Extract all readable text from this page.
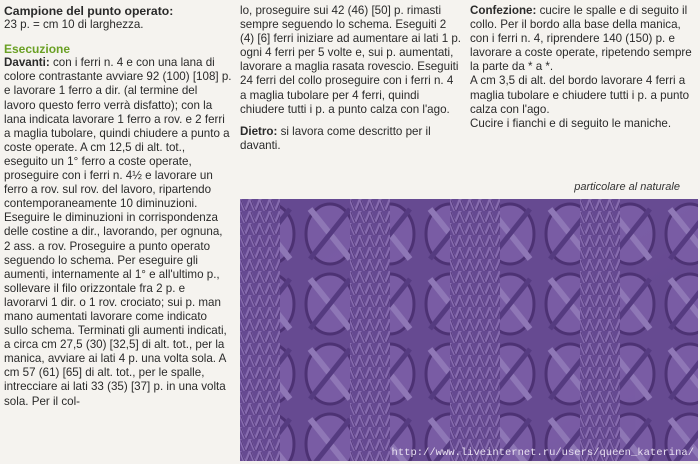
Campione del punto operato:

23 p. = cm 10 di larghezza.

Esecuzione

Davanti: con i ferri n. 4 e con una lana di colore contrastante avviare 92 (100) [108] p. e lavorare 1 ferro a dir. (al termine del lavoro questo ferro verrà disfatto); con la lana indicata lavorare 1 ferro a rov. e 2 ferri a maglia tubolare, quindi chiudere a punto a coste operate. A cm 12,5 di alt. tot., eseguito un 1° ferro a coste operate, proseguire con i ferri n. 4½ e lavorare un ferro a rov. sul rov. del lavoro, ripartendo contemporaneamente 10 diminuzioni. Eseguire le diminuzioni in corrispondenza delle costine a dir., lavorando, per ognuna, 2 ass. a rov. Proseguire a punto operato seguendo lo schema. Per eseguire gli aumenti, internamente al 1° e all'ultimo p., sollevare il filo orizzontale fra 2 p. e lavorarvi 1 dir. o 1 rov. crociato; sui p. man mano aumentati lavorare come indicato sullo schema. Terminati gli aumenti indicati, a circa cm 27,5 (30) [32,5] di alt. tot., per la manica, avviare ai lati 4 p. una volta sola. A cm 57 (61) [65] di alt. tot., per le spalle, intrecciare ai lati 33 (35) [37] p. in una volta sola. Per il col-

lo, proseguire sui 42 (46) [50] p. rimasti sempre seguendo lo schema. Eseguiti 2 (4) [6] ferri iniziare ad aumentare ai lati 1 p. ogni 4 ferri per 5 volte e, sui p. aumentati, lavorare a maglia rasata rovescio. Eseguiti 24 ferri del collo proseguire con i ferri n. 4 a maglia tubolare per 4 ferri, quindi chiudere tutti i p. a punto calza con l'ago.

Dietro: si lavora come descritto per il davanti.

Confezione: cucire le spalle e di seguito il collo. Per il bordo alla base della manica, con i ferri n. 4, riprendere 140 (150) p. e lavorare a coste operate, ripetendo sempre la parte da * a *.

A cm 3,5 di alt. del bordo lavorare 4 ferri a maglia tubolare e chiudere tutti i p. a punto calza con l'ago.

Cucire i fianchi e di seguito le maniche.

particolare al naturale
http://www.liveinternet.ru/users/queen_katerina/
